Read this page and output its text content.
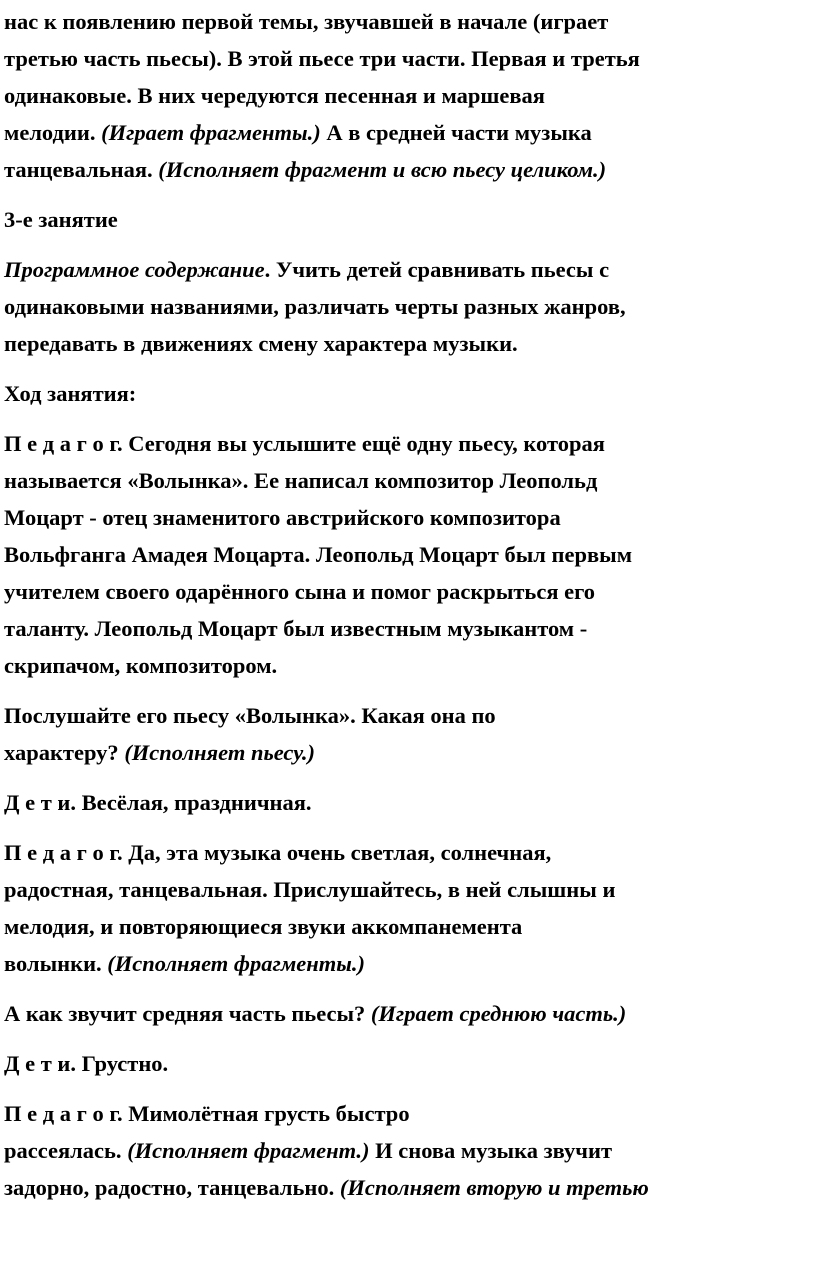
нас к появлению первой темы, звучавшей в начале (играет
третью часть пьесы). В этой пьесе три части. Первая и третья
одинаковые. В них чередуются песенная и маршевая
мелодии. (Играет фрагменты.) А в средней части музыка
танцевальная. (Исполняет фрагмент и всю пьесу целиком.)
3-е занятие
Программное содержание. Учить детей сравнивать пьесы с
одинаковыми названиями, различать черты разных жанров,
передавать в движениях смену характера музыки.
Ход занятия:
П е д а г о г. Сегодня вы услышите ещё одну пьесу, которая
называется «Волынка». Ее написал композитор Леопольд
Моцарт - отец знаменитого австрийского композитора
Вольфганга Амадея Моцарта. Леопольд Моцарт был первым
учителем своего одарённого сына и помог раскрыться его
таланту. Леопольд Моцарт был известным музыкантом -
скрипачом, композитором.
Послушайте его пьесу «Волынка». Какая она по
характеру? (Исполняет пьесу.)
Д е т и. Весёлая, праздничная.
П е д а г о г. Да, эта музыка очень светлая, солнечная,
радостная, танцевальная. Прислушайтесь, в ней слышны и
мелодия, и повторяющиеся звуки аккомпанемента
волынки. (Исполняет фрагменты.)
А как звучит средняя часть пьесы? (Играет среднюю часть.)
Д е т и. Грустно.
П е д а г о г. Мимолётная грусть быстро
рассеялась. (Исполняет фрагмент.) И снова музыка звучит
задорно, радостно, танцевально. (Исполняет вторую и третью
